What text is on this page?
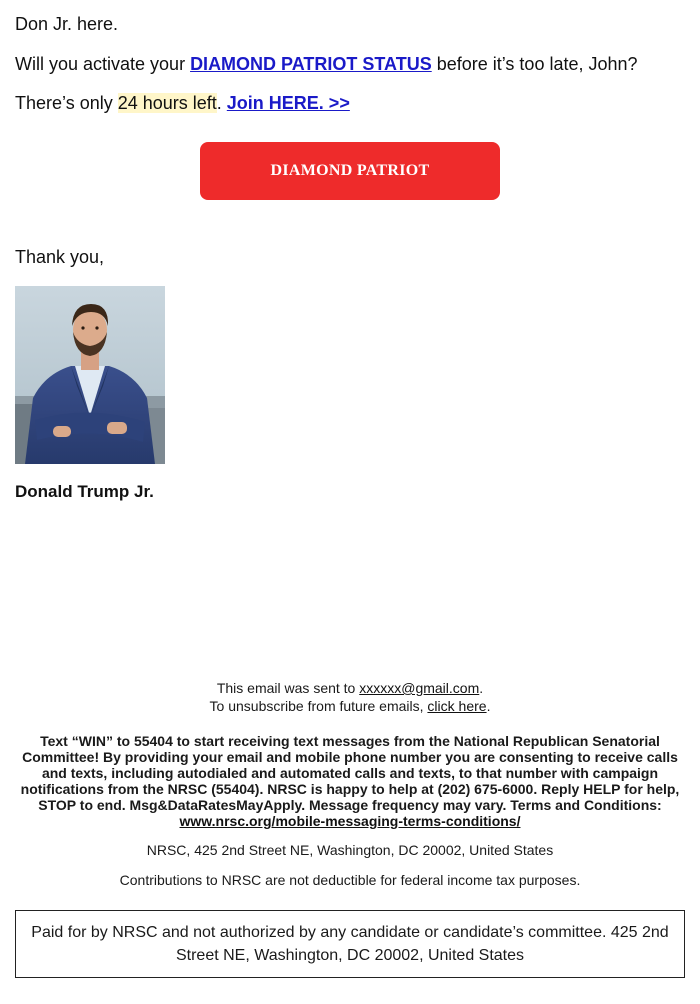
Don Jr. here.

Will you activate your DIAMOND PATRIOT STATUS before it’s too late, John?

There’s only 24 hours left. Join HERE. >>

DIAMOND PATRIOT

Thank you,

Donald Trump Jr.

This email was sent to xxxxxx@gmail.com.
To unsubscribe from future emails, click here.
Text “WIN” to 55404 to start receiving text messages from the National Republican Senatorial Committee! By providing your email and mobile phone number you are consenting to receive calls and texts, including autodialed and automated calls and texts, to that number with campaign notifications from the NRSC (55404). NRSC is happy to help at (202) 675-6000. Reply HELP for help, STOP to end. Msg&DataRatesMayApply. Message frequency may vary. Terms and Conditions:
www.nrsc.org/mobile-messaging-terms-conditions/
NRSC, 425 2nd Street NE, Washington, DC 20002, United States
Contributions to NRSC are not deductible for federal income tax purposes.
Paid for by NRSC and not authorized by any candidate or candidate’s committee. 425 2nd Street NE, Washington, DC 20002, United States
